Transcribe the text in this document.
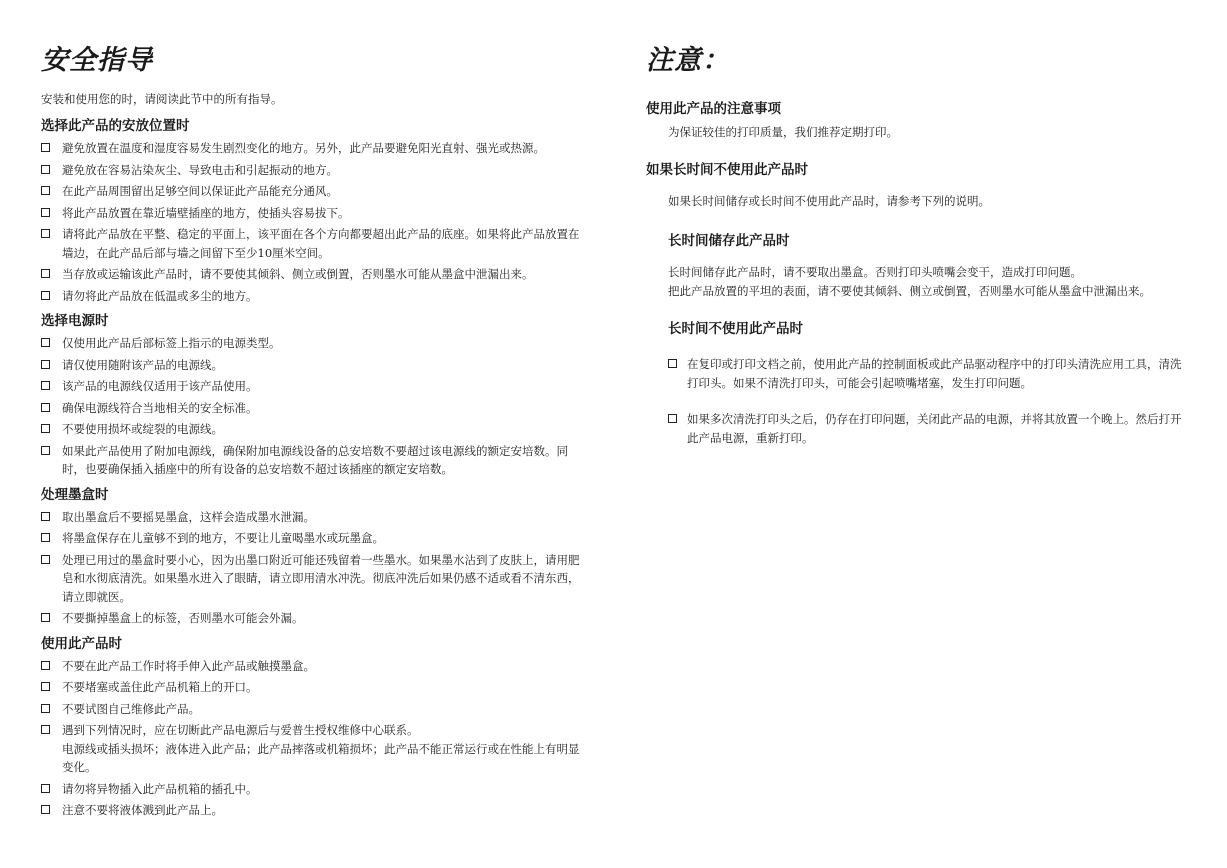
安全指导

安装和使用您的时，请阅读此节中的所有指导。

选择此产品的安放位置时
避免放置在温度和湿度容易发生剧烈变化的地方。另外，此产品要避免阳光直射、强光或热源。
避免放在容易沾染灰尘、导致电击和引起振动的地方。
在此产品周围留出足够空间以保证此产品能充分通风。
将此产品放置在靠近墙壁插座的地方，使插头容易拔下。
请将此产品放在平整、稳定的平面上，该平面在各个方向都要超出此产品的底座。如果将此产品放置在墙边，在此产品后部与墙之间留下至少10厘米空间。
当存放或运输该此产品时，请不要使其倾斜、侧立或倒置，否则墨水可能从墨盒中泄漏出来。
请勿将此产品放在低温或多尘的地方。
选择电源时
仅使用此产品后部标签上指示的电源类型。
请仅使用随附该产品的电源线。
该产品的电源线仅适用于该产品使用。
确保电源线符合当地相关的安全标准。
不要使用损坏或绽裂的电源线。
如果此产品使用了附加电源线，确保附加电源线设备的总安培数不要超过该电源线的额定安培数。同时，也要确保插入插座中的所有设备的总安培数不超过该插座的额定安培数。
处理墨盒时
取出墨盒后不要摇晃墨盒，这样会造成墨水泄漏。
将墨盒保存在儿童够不到的地方，不要让儿童喝墨水或玩墨盒。
处理已用过的墨盒时要小心，因为出墨口附近可能还残留着一些墨水。如果墨水沾到了皮肤上，请用肥皂和水彻底清洗。如果墨水进入了眼睛，请立即用清水冲洗。彻底冲洗后如果仍感不适或看不清东西，请立即就医。
不要撕掉墨盒上的标签，否则墨水可能会外漏。
使用此产品时
不要在此产品工作时将手伸入此产品或触摸墨盒。
不要堵塞或盖住此产品机箱上的开口。
不要试图自己维修此产品。
遇到下列情况时，应在切断此产品电源后与爱普生授权维修中心联系。
电源线或插头损坏；液体进入此产品；此产品摔落或机箱损坏；此产品不能正常运行或在性能上有明显变化。
请勿将异物插入此产品机箱的插孔中。
注意不要将液体溅到此产品上。
注意：
使用此产品的注意事项

为保证较佳的打印质量，我们推荐定期打印。

如果长时间不使用此产品时

如果长时间储存或长时间不使用此产品时，请参考下列的说明。

长时间储存此产品时

长时间储存此产品时，请不要取出墨盒。否则打印头喷嘴会变干，造成打印问题。

把此产品放置的平坦的表面，请不要使其倾斜、侧立或倒置，否则墨水可能从墨盒中泄漏出来。

长时间不使用此产品时
在复印或打印文档之前，使用此产品的控制面板或此产品驱动程序中的打印头清洗应用工具，清洗打印头。如果不清洗打印头，可能会引起喷嘴堵塞，发生打印问题。
如果多次清洗打印头之后，仍存在打印问题，关闭此产品的电源，并将其放置一个晚上。然后打开此产品电源，重新打印。
